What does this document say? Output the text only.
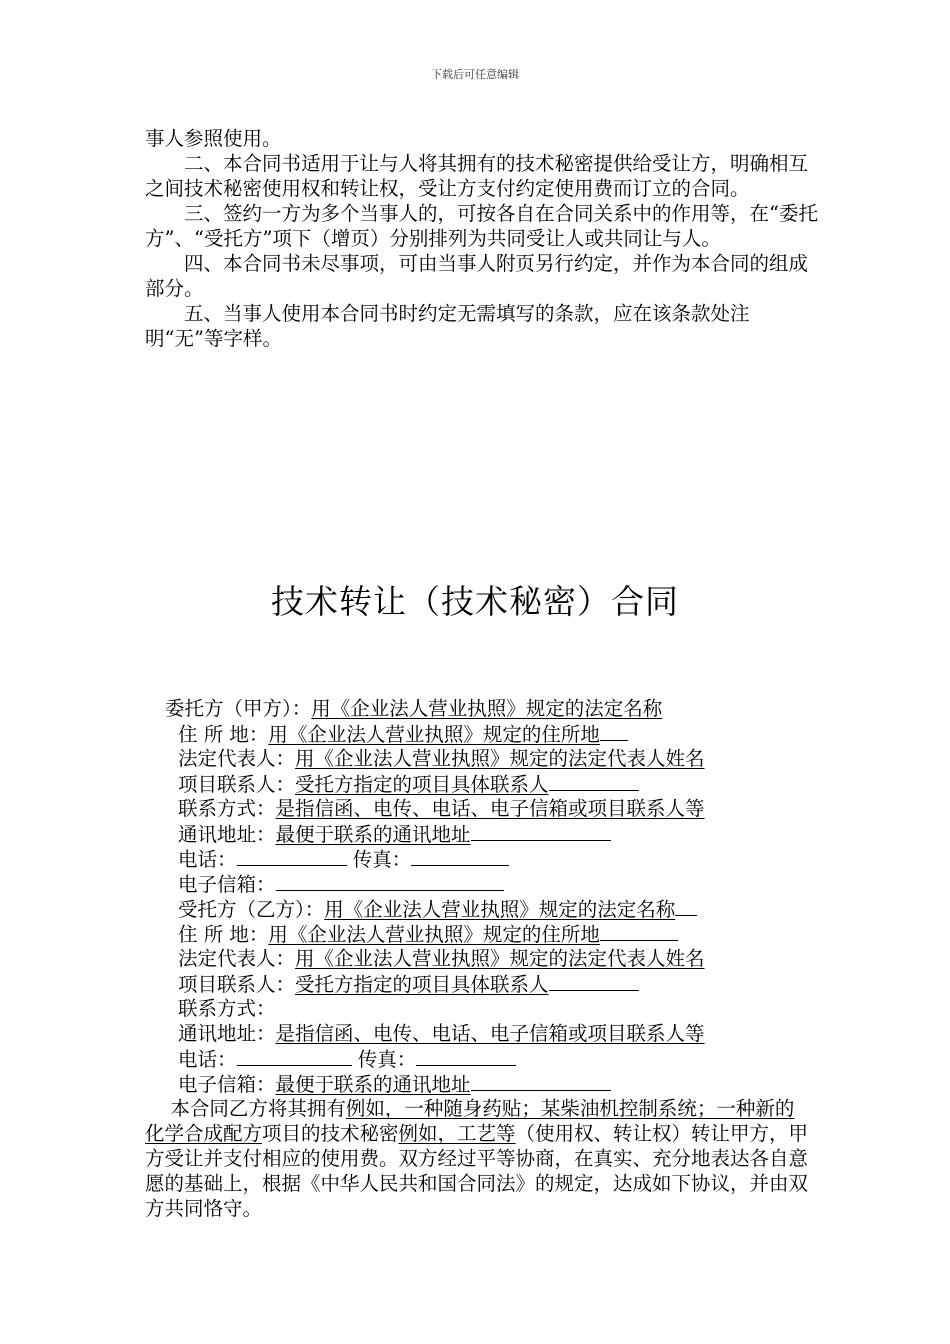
下载后可任意编辑

事人参照使用。

二、本合同书适用于让与人将其拥有的技术秘密提供给受让方，明确相互之间技术秘密使用权和转让权，受让方支付约定使用费而订立的合同。

三、签约一方为多个当事人的，可按各自在合同关系中的作用等，在“委托方”、“受托方”项下（增页）分别排列为共同受让人或共同让与人。

四、本合同书未尽事项，可由当事人附页另行约定，并作为本合同的组成部分。

五、当事人使用本合同书时约定无需填写的条款，应在该条款处注明“无”等字样。

技术转让（技术秘密）合同
委托方（甲方）：用《企业法人营业执照》规定的法定名称
住 所 地：用《企业法人营业执照》规定的住所地
法定代表人：用《企业法人营业执照》规定的法定代表人姓名
项目联系人：受托方指定的项目具体联系人
联系方式：是指信函、电传、电话、电子信箱或项目联系人等
通讯地址：最便于联系的通讯地址
电话：	传真：
电子信箱：
受托方（乙方）：用《企业法人营业执照》规定的法定名称
住 所 地：用《企业法人营业执照》规定的住所地
法定代表人：用《企业法人营业执照》规定的法定代表人姓名
项目联系人：受托方指定的项目具体联系人
联系方式：
通讯地址：是指信函、电传、电话、电子信箱或项目联系人等
电话：	传真：
电子信箱：最便于联系的通讯地址

本合同乙方将其拥有例如，一种随身药贴；某柴油机控制系统；一种新的化学合成配方项目的技术秘密例如，工艺等（使用权、转让权）转让甲方，甲方受让并支付相应的使用费。双方经过平等协商，在真实、充分地表达各自意愿的基础上，根据《中华人民共和国合同法》的规定，达成如下协议，并由双方共同恪守。
